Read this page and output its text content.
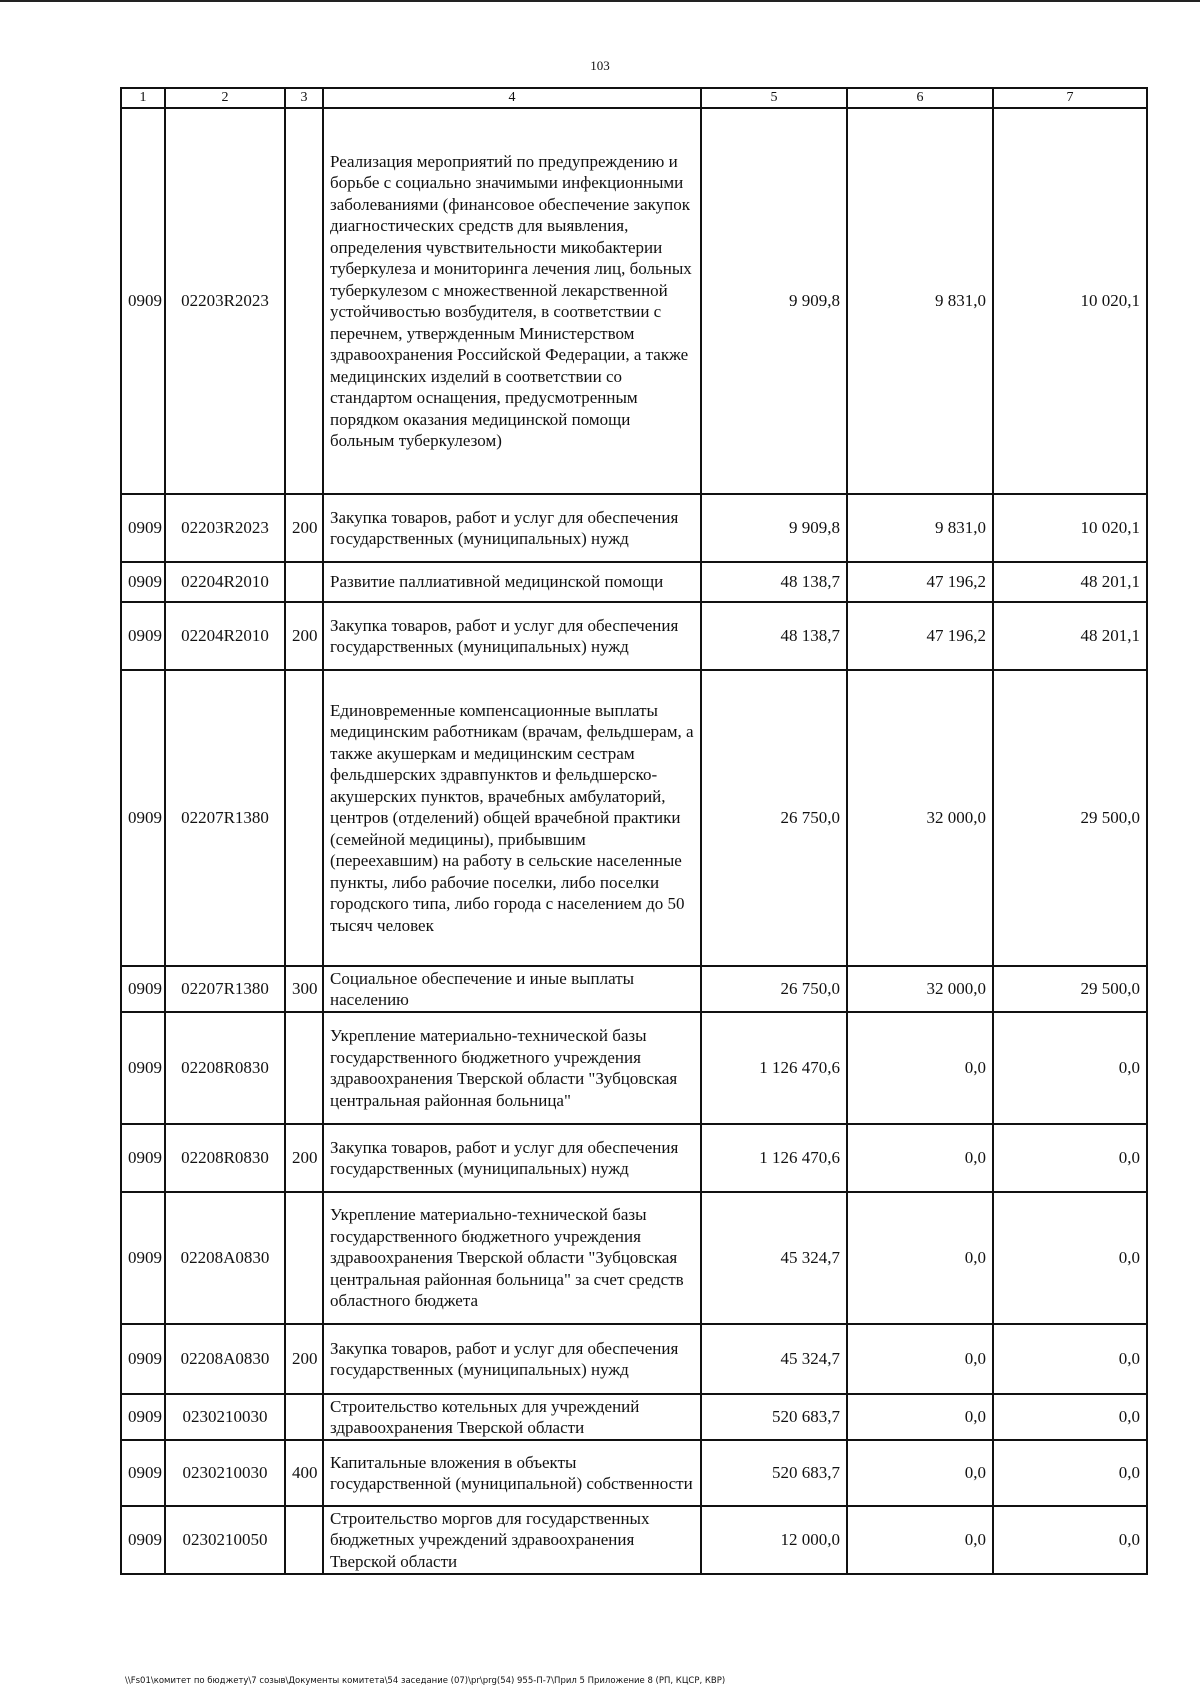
103
1	2	3	4	5	6	7
0909	02203R2023		Реализация мероприятий по предупреждению и борьбе с социально значимыми инфекционными заболеваниями (финансовое обеспечение закупок диагностических средств для выявления, определения чувствительности микобактерии туберкулеза и мониторинга лечения лиц, больных туберкулезом с множественной лекарственной устойчивостью возбудителя, в соответствии с перечнем, утвержденным Министерством здравоохранения Российской Федерации, а также медицинских изделий в соответствии со стандартом оснащения, предусмотренным порядком оказания медицинской помощи больным туберкулезом)	9 909,8	9 831,0	10 020,1
0909	02203R2023	200	Закупка товаров, работ и услуг для обеспечения государственных (муниципальных) нужд	9 909,8	9 831,0	10 020,1
0909	02204R2010		Развитие паллиативной медицинской помощи	48 138,7	47 196,2	48 201,1
0909	02204R2010	200	Закупка товаров, работ и услуг для обеспечения государственных (муниципальных) нужд	48 138,7	47 196,2	48 201,1
0909	02207R1380		Единовременные компенсационные выплаты медицинским работникам (врачам, фельдшерам, а также акушеркам и медицинским сестрам фельдшерских здравпунктов и фельдшерско-акушерских пунктов, врачебных амбулаторий, центров (отделений) общей врачебной практики (семейной медицины), прибывшим (переехавшим) на работу в сельские населенные пункты, либо рабочие поселки, либо поселки городского типа, либо города с населением до 50 тысяч человек	26 750,0	32 000,0	29 500,0
0909	02207R1380	300	Социальное обеспечение и иные выплаты населению	26 750,0	32 000,0	29 500,0
0909	02208R0830		Укрепление материально-технической базы государственного бюджетного учреждения здравоохранения Тверской области "Зубцовская центральная районная больница"	1 126 470,6	0,0	0,0
0909	02208R0830	200	Закупка товаров, работ и услуг для обеспечения государственных (муниципальных) нужд	1 126 470,6	0,0	0,0
0909	02208A0830		Укрепление материально-технической базы государственного бюджетного учреждения здравоохранения Тверской области "Зубцовская центральная районная больница" за счет средств областного бюджета	45 324,7	0,0	0,0
0909	02208A0830	200	Закупка товаров, работ и услуг для обеспечения государственных (муниципальных) нужд	45 324,7	0,0	0,0
0909	0230210030		Строительство котельных для учреждений здравоохранения Тверской области	520 683,7	0,0	0,0
0909	0230210030	400	Капитальные вложения в объекты государственной (муниципальной) собственности	520 683,7	0,0	0,0
0909	0230210050		Строительство моргов для государственных бюджетных учреждений здравоохранения Тверской области	12 000,0	0,0	0,0
\\Fs01\комитет по бюджету\7 созыв\Документы комитета\54 заседание (07)\pr\prg(54) 955-П-7\Прил 5 Приложение 8 (РП, КЦСР, КВР)
